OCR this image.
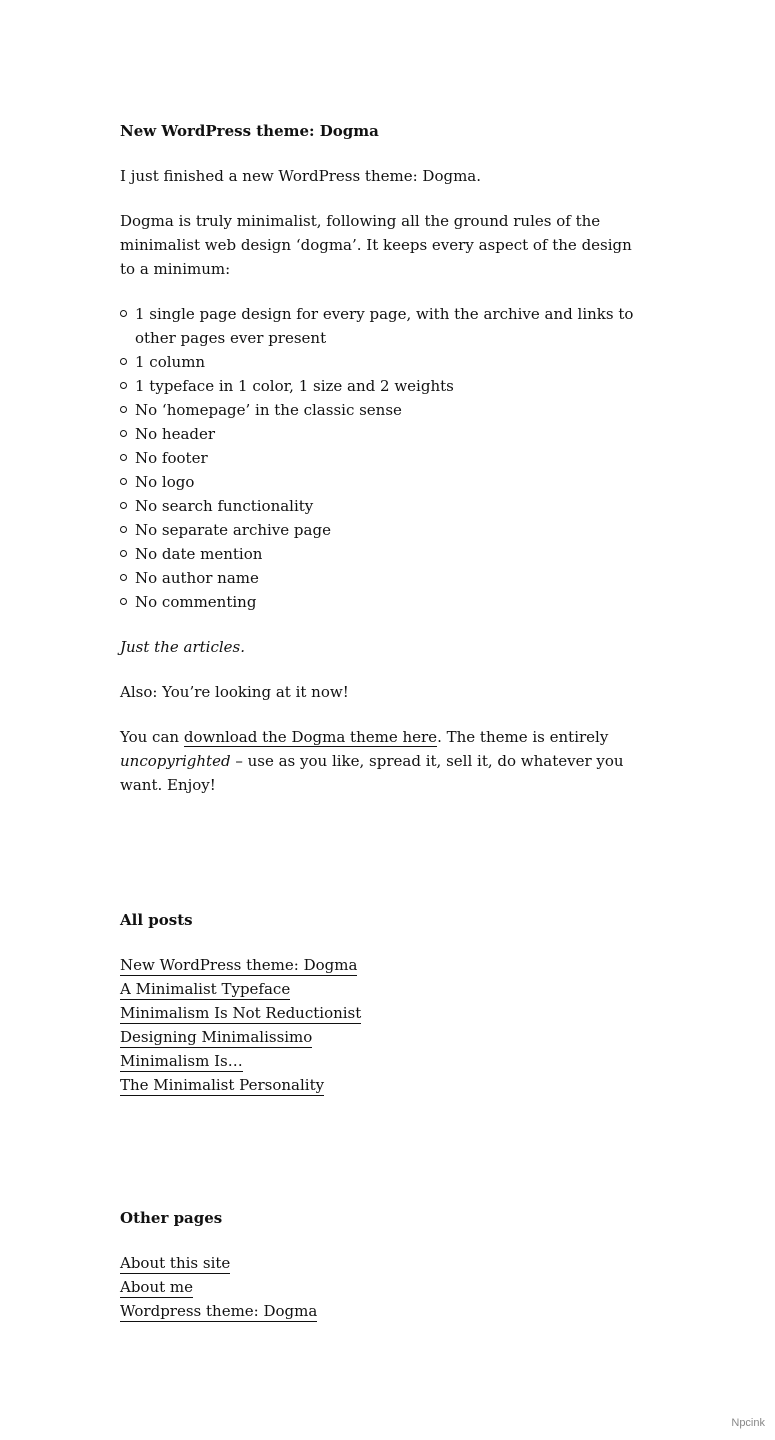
New WordPress theme: Dogma

I just finished a new WordPress theme: Dogma.

Dogma is truly minimalist, following all the ground rules of the minimalist web design ‘dogma’. It keeps every aspect of the design to a minimum:

1 single page design for every page, with the archive and links to other pages ever present
1 column
1 typeface in 1 color, 1 size and 2 weights
No ‘homepage’ in the classic sense
No header
No footer
No logo
No search functionality
No separate archive page
No date mention
No author name
No commenting

Just the articles.

Also: You’re looking at it now!

You can download the Dogma theme here. The theme is entirely uncopyrighted – use as you like, spread it, sell it, do whatever you want. Enjoy!

All posts
New WordPress theme: Dogma
A Minimalist Typeface
Minimalism Is Not Reductionist
Designing Minimalissimo
Minimalism Is…
The Minimalist Personality
Other pages
About this site
About me
Wordpress theme: Dogma
Npcink
